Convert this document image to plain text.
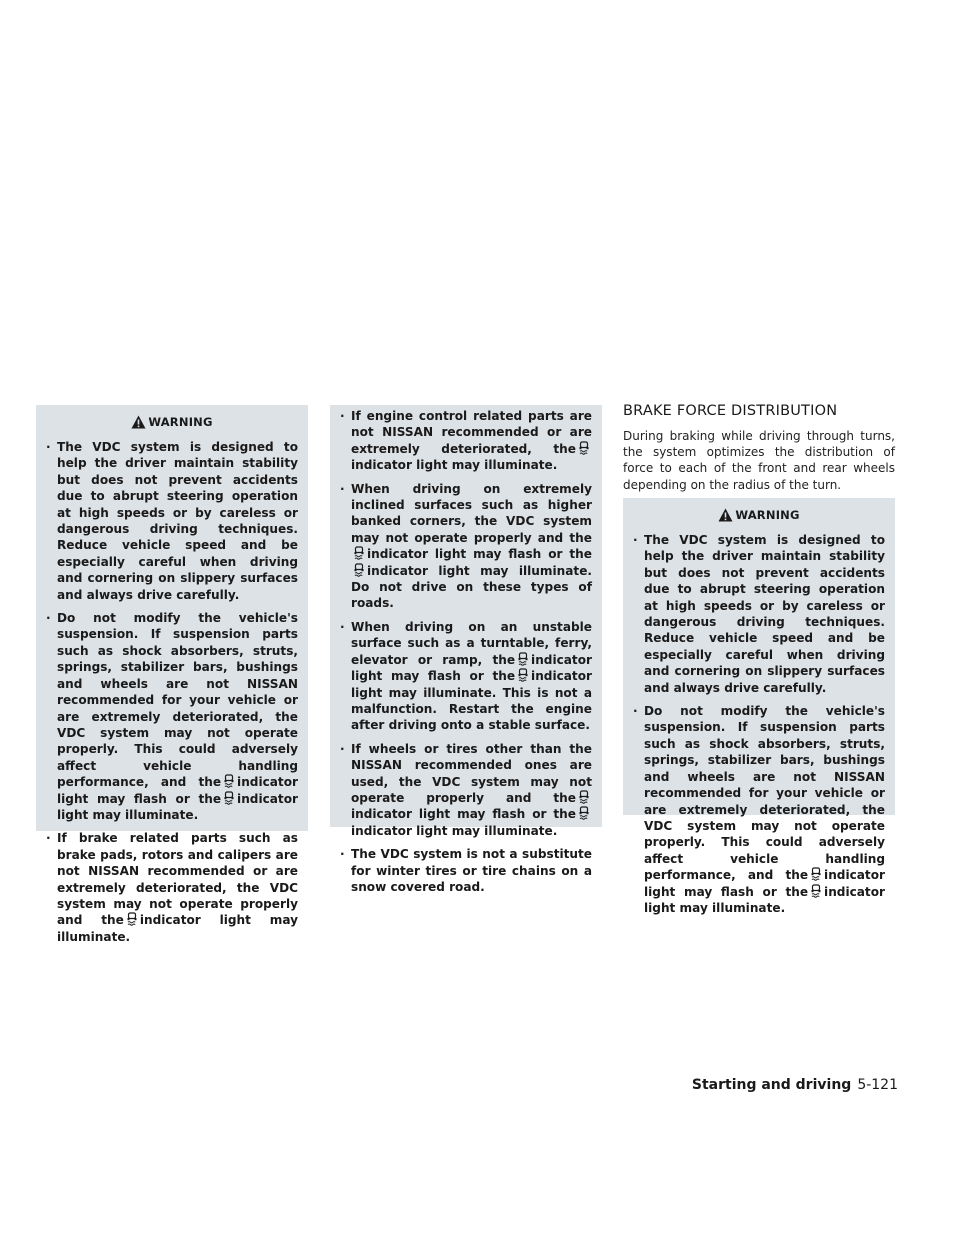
WARNING
· The VDC system is designed to help the driver maintain stability but does not prevent accidents due to abrupt steering operation at high speeds or by careless or dangerous driving techniques. Reduce vehicle speed and be especially careful when driving and cornering on slippery surfaces and always drive carefully.
· Do not modify the vehicle's suspension. If suspension parts such as shock absorbers, struts, springs, stabilizer bars, bushings and wheels are not NISSAN recommended for your vehicle or are extremely deteriorated, the VDC system may not operate properly. This could adversely affect vehicle handling performance, and the indicator light may flash or the indicator light may illuminate.
· If brake related parts such as brake pads, rotors and calipers are not NISSAN recommended or are extremely deteriorated, the VDC system may not operate properly and the indicator light may illuminate.
· If engine control related parts are not NISSAN recommended or are extremely deteriorated, theindicator light may illuminate.
· When driving on extremely inclined surfaces such as higher banked corners, the VDC system may not operate properly and theindicator light may flash or theindicator light may illuminate. Do not drive on these types of roads.
· When driving on an unstable surface such as a turntable, ferry, elevator or ramp, the indicator light may flash or the indicator light may illuminate. This is not a malfunction. Restart the engine after driving onto a stable surface.
· If wheels or tires other than the NISSAN recommended ones are used, the VDC system may not operate properly and theindicator light may flash or theindicator light may illuminate.
· The VDC system is not a substitute for winter tires or tire chains on a snow covered road.
BRAKE FORCE DISTRIBUTION

During braking while driving through turns, the system optimizes the distribution of force to each of the front and rear wheels depending on the radius of the turn.

WARNING
· The VDC system is designed to help the driver maintain stability but does not prevent accidents due to abrupt steering operation at high speeds or by careless or dangerous driving techniques. Reduce vehicle speed and be especially careful when driving and cornering on slippery surfaces and always drive carefully.
· Do not modify the vehicle's suspension. If suspension parts such as shock absorbers, struts, springs, stabilizer bars, bushings and wheels are not NISSAN recommended for your vehicle or are extremely deteriorated, the VDC system may not operate properly. This could adversely affect vehicle handling performance, and the indicator light may flash or the indicator light may illuminate.
Starting and driving 5-121
